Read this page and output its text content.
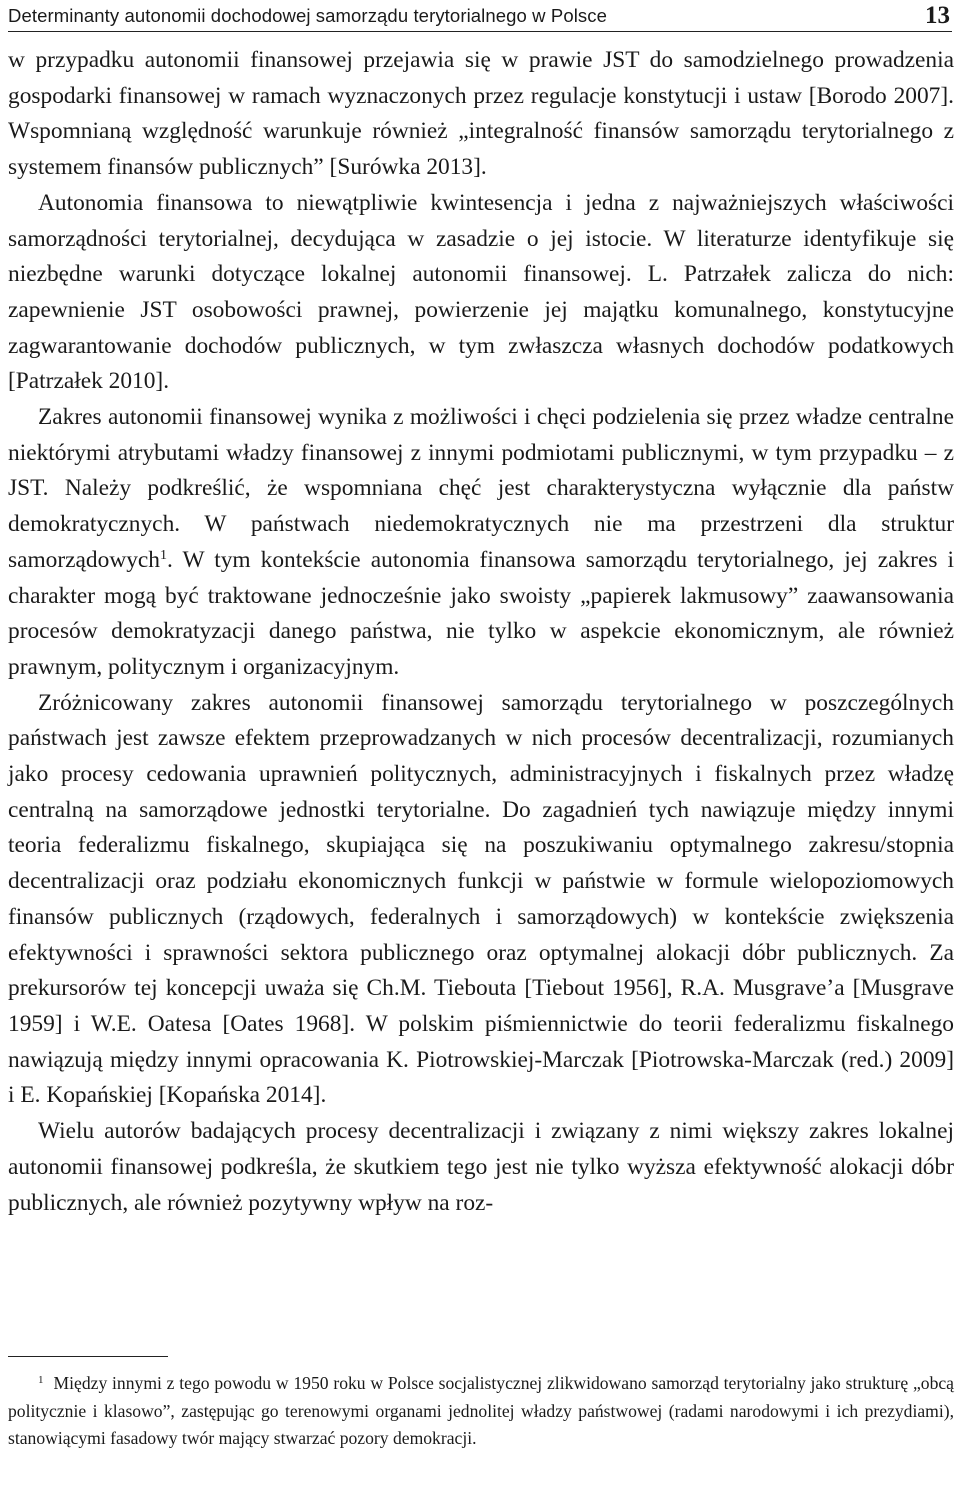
Determinanty autonomii dochodowej samorządu terytorialnego w Polsce	13

w przypadku autonomii finansowej przejawia się w prawie JST do samodzielnego prowadzenia gospodarki finansowej w ramach wyznaczonych przez regulacje konstytucji i ustaw [Borodo 2007]. Wspomnianą względność warunkuje również „integralność finansów samorządu terytorialnego z systemem finansów publicznych” [Surówka 2013].

Autonomia finansowa to niewątpliwie kwintesencja i jedna z najważniejszych właściwości samorządności terytorialnej, decydująca w zasadzie o jej istocie. W literaturze identyfikuje się niezbędne warunki dotyczące lokalnej autonomii finansowej. L. Patrzałek zalicza do nich: zapewnienie JST osobowości prawnej, powierzenie jej majątku komunalnego, konstytucyjne zagwarantowanie dochodów publicznych, w tym zwłaszcza własnych dochodów podatkowych [Patrzałek 2010].

Zakres autonomii finansowej wynika z możliwości i chęci podzielenia się przez władze centralne niektórymi atrybutami władzy finansowej z innymi podmiotami publicznymi, w tym przypadku – z JST. Należy podkreślić, że wspomniana chęć jest charakterystyczna wyłącznie dla państw demokratycznych. W państwach niedemokratycznych nie ma przestrzeni dla struktur samorządowych$^1$. W tym kontekście autonomia finansowa samorządu terytorialnego, jej zakres i charakter mogą być traktowane jednocześnie jako swoisty „papierek lakmusowy” zaawansowania procesów demokratyzacji danego państwa, nie tylko w aspekcie ekonomicznym, ale również prawnym, politycznym i organizacyjnym.

Zróżnicowany zakres autonomii finansowej samorządu terytorialnego w poszczególnych państwach jest zawsze efektem przeprowadzanych w nich procesów decentralizacji, rozumianych jako procesy cedowania uprawnień politycznych, administracyjnych i fiskalnych przez władzę centralną na samorządowe jednostki terytorialne. Do zagadnień tych nawiązuje między innymi teoria federalizmu fiskalnego, skupiająca się na poszukiwaniu optymalnego zakresu/stopnia decentralizacji oraz podziału ekonomicznych funkcji w państwie w formule wielopoziomowych finansów publicznych (rządowych, federalnych i samorządowych) w kontekście zwiększenia efektywności i sprawności sektora publicznego oraz optymalnej alokacji dóbr publicznych. Za prekursorów tej koncepcji uważa się Ch.M. Tiebouta [Tiebout 1956], R.A. Musgrave’a [Musgrave 1959] i W.E. Oatesa [Oates 1968]. W polskim piśmiennictwie do teorii federalizmu fiskalnego nawiązują między innymi opracowania K. Piotrowskiej-Marczak [Piotrowska-Marczak (red.) 2009] i E. Kopańskiej [Kopańska 2014].

Wielu autorów badających procesy decentralizacji i związany z nimi większy zakres lokalnej autonomii finansowej podkreśla, że skutkiem tego jest nie tylko wyższa efektywność alokacji dóbr publicznych, ale również pozytywny wpływ na roz-

$^1$ Między innymi z tego powodu w 1950 roku w Polsce socjalistycznej zlikwidowano samorząd terytorialny jako strukturę „obcą politycznie i klasowo”, zastępując go terenowymi organami jednolitej władzy państwowej (radami narodowymi i ich prezydiami), stanowiącymi fasadowy twór mający stwarzać pozory demokracji.
